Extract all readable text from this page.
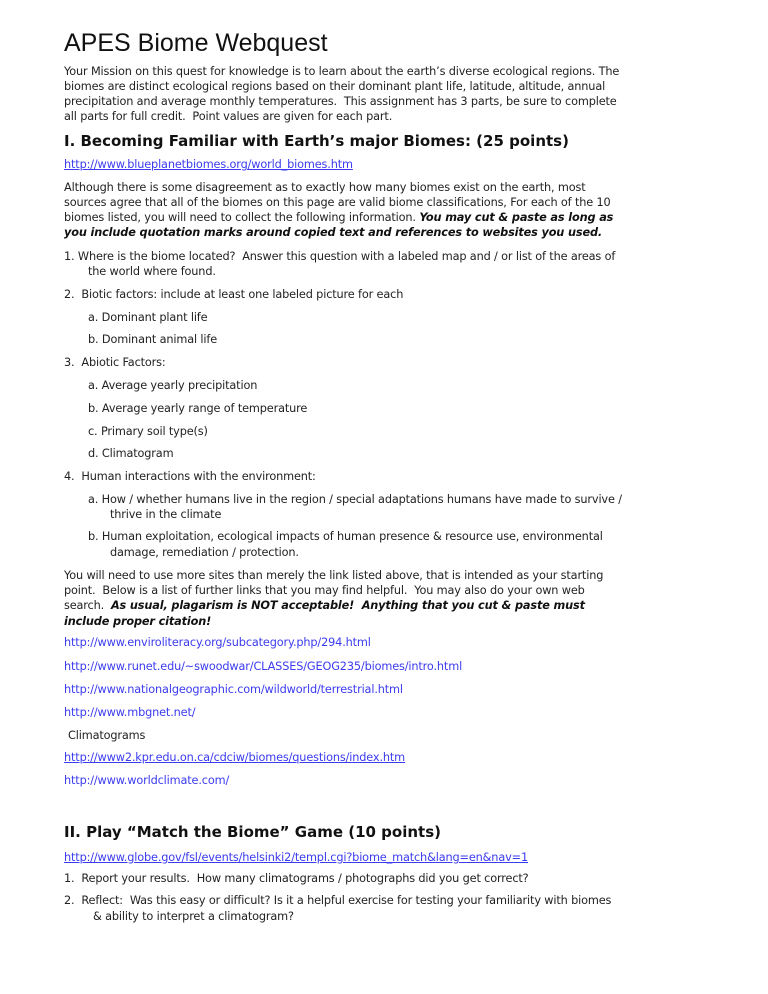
APES Biome Webquest
Your Mission on this quest for knowledge is to learn about the earth’s diverse ecological regions. The
biomes are distinct ecological regions based on their dominant plant life, latitude, altitude, annual
precipitation and average monthly temperatures.  This assignment has 3 parts, be sure to complete
all parts for full credit.  Point values are given for each part.
I. Becoming Familiar with Earth’s major Biomes: (25 points)
http://www.blueplanetbiomes.org/world_biomes.htm
Although there is some disagreement as to exactly how many biomes exist on the earth, most
sources agree that all of the biomes on this page are valid biome classifications, For each of the 10
biomes listed, you will need to collect the following information. You may cut & paste as long as
you include quotation marks around copied text and references to websites you used.
1. Where is the biome located?  Answer this question with a labeled map and / or list of the areas of
the world where found.
2.  Biotic factors: include at least one labeled picture for each
a. Dominant plant life
b. Dominant animal life
3.  Abiotic Factors:
a. Average yearly precipitation
b. Average yearly range of temperature
c. Primary soil type(s)
d. Climatogram
4.  Human interactions with the environment:
a. How / whether humans live in the region / special adaptations humans have made to survive /
thrive in the climate
b. Human exploitation, ecological impacts of human presence & resource use, environmental
damage, remediation / protection.
You will need to use more sites than merely the link listed above, that is intended as your starting
point.  Below is a list of further links that you may find helpful.  You may also do your own web
search.  As usual, plagarism is NOT acceptable!  Anything that you cut & paste must
include proper citation!
http://www.enviroliteracy.org/subcategory.php/294.html
http://www.runet.edu/~swoodwar/CLASSES/GEOG235/biomes/intro.html
http://www.nationalgeographic.com/wildworld/terrestrial.html
http://www.mbgnet.net/
Climatograms
http://www2.kpr.edu.on.ca/cdciw/biomes/questions/index.htm
http://www.worldclimate.com/
II. Play “Match the Biome” Game (10 points)
http://www.globe.gov/fsl/events/helsinki2/templ.cgi?biome_match&lang=en&nav=1
1.  Report your results.  How many climatograms / photographs did you get correct?
2.  Reflect:  Was this easy or difficult? Is it a helpful exercise for testing your familiarity with biomes
& ability to interpret a climatogram?
